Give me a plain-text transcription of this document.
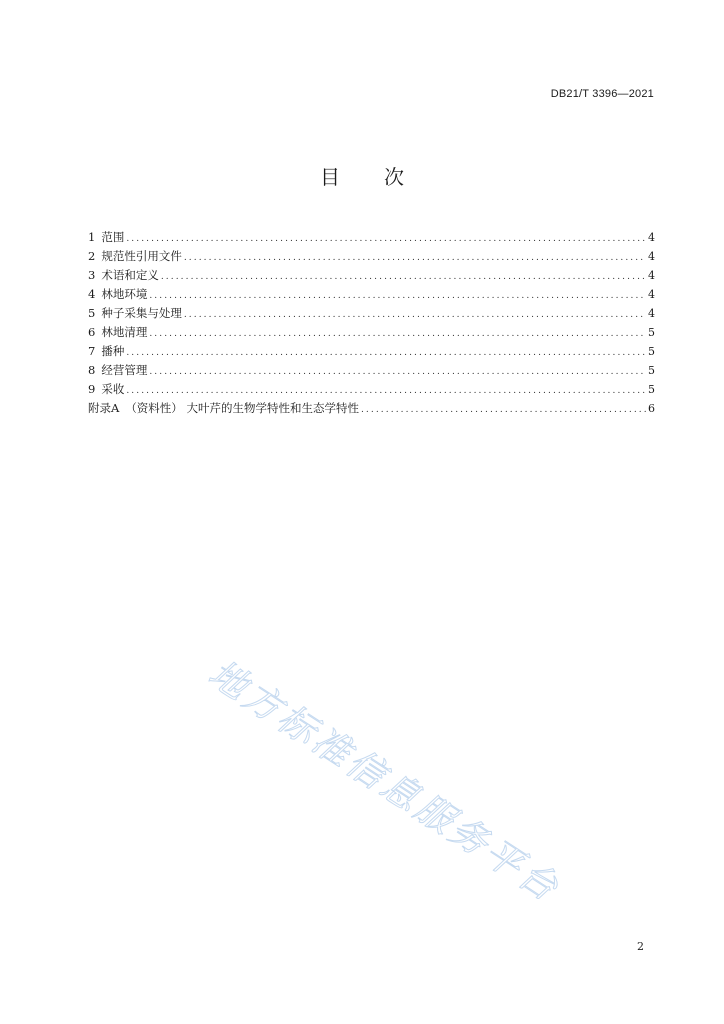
DB21/T 3396—2021
目 次
1 范围 .....	4
2 规范性引用文件 .....	4
3 术语和定义 .....	4
4 林地环境 .....	4
5 种子采集与处理 .....	4
6 林地清理 .....	5
7 播种 .....	5
8 经营管理 .....	5
9 采收 .....	5
附录A （资料性） 大叶芹的生物学特性和生态学特性 .....	6
地方标准信息服务平台
2
